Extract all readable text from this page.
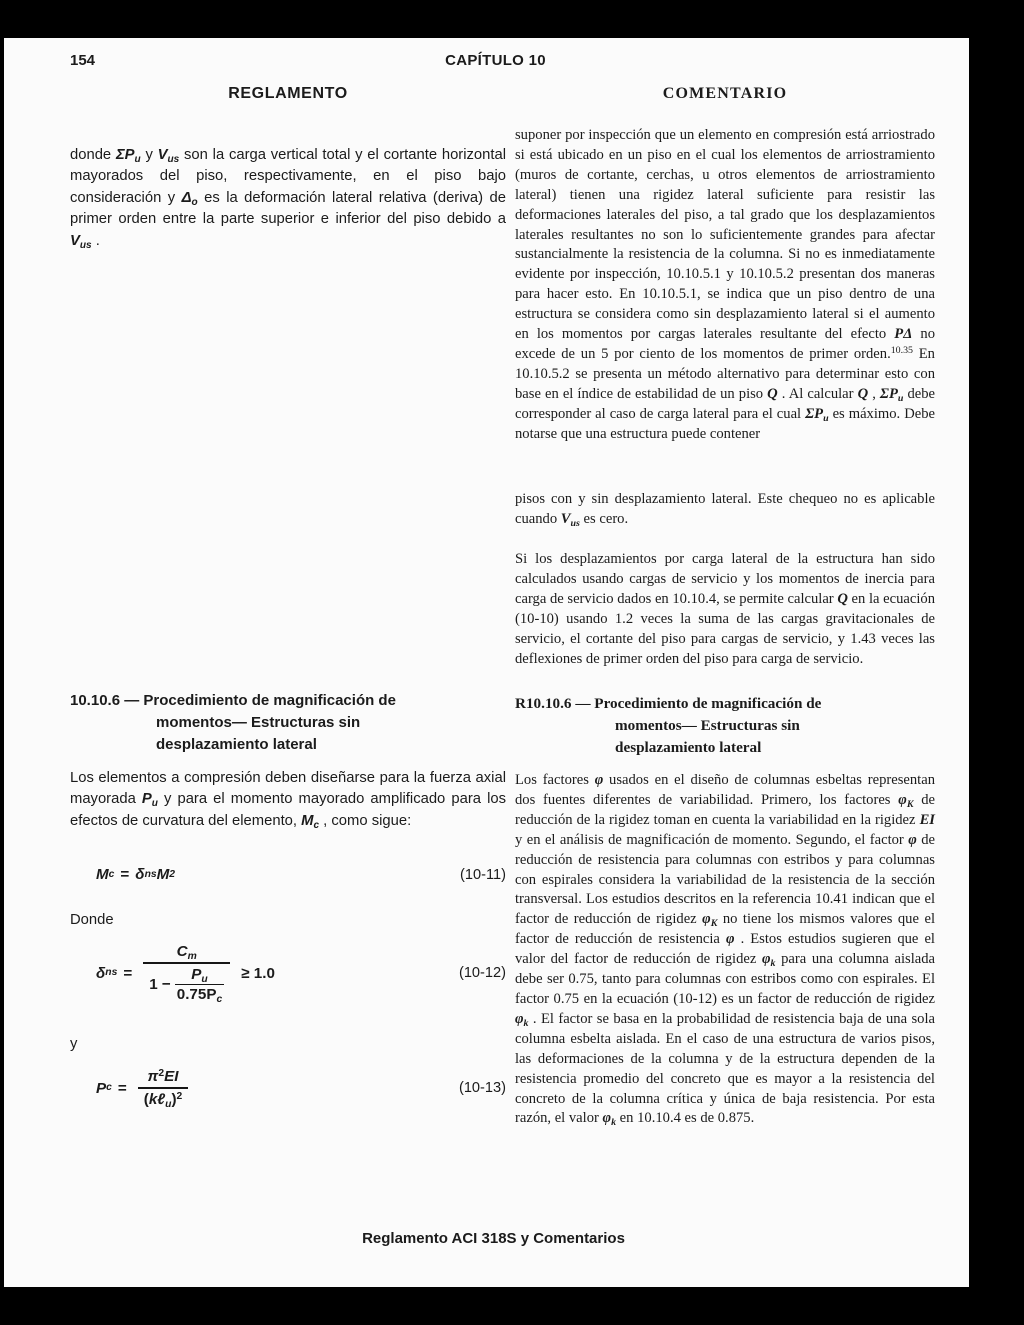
154	CAPÍTULO 10
REGLAMENTO	COMENTARIO
donde $\Sigma P_u$ y $V_{us}$ son la carga vertical total y el cortante horizontal mayorados del piso, respectivamente, en el piso bajo consideración y $\Delta_o$ es la deformación lateral relativa (deriva) de primer orden entre la parte superior e inferior del piso debido a $V_{us}$ .
10.10.6 — Procedimiento de magnificación de
momentos— Estructuras sin
desplazamiento lateral
Los elementos a compresión deben diseñarse para la fuerza axial mayorada $P_u$ y para el momento mayorado amplificado para los efectos de curvatura del elemento, $M_c$ , como sigue:
M c = δ ns M 2	(10-11)
Donde
δ ns = $\frac{C_m}{1 - \frac{P_u}{0.75P_c}} \ge 1.0$	(10-12)
y
P $c = \frac{\pi^2EI}{(k\ell_u)^2}$	(10-13)
suponer por inspección que un elemento en compresión está arriostrado si está ubicado en un piso en el cual los elementos de arriostramiento (muros de cortante, cerchas, u otros elementos de arriostramiento lateral) tienen una rigidez lateral suficiente para resistir las deformaciones laterales del piso, a tal grado que los desplazamientos laterales resultantes no son lo suficientemente grandes para afectar sustancialmente la resistencia de la columna. Si no es inmediatamente evidente por inspección, 10.10.5.1 y 10.10.5.2 presentan dos maneras para hacer esto. En 10.10.5.1, se indica que un piso dentro de una estructura se considera como sin desplazamiento lateral si el aumento en los momentos por cargas laterales resultante del efecto PΔ no excede de un 5 por ciento de los momentos de primer orden.$^{10.35}$ En 10.10.5.2 se presenta un método alternativo para determinar esto con base en el índice de estabilidad de un piso Q . Al calcular Q , $\Sigma P_u$ debe corresponder al caso de carga lateral para el cual $\Sigma P_u$ es máximo. Debe notarse que una estructura puede contener
pisos con y sin desplazamiento lateral. Este chequeo no es aplicable cuando $V_{us}$ es cero.
Si los desplazamientos por carga lateral de la estructura han sido calculados usando cargas de servicio y los momentos de inercia para carga de servicio dados en 10.10.4, se permite calcular Q en la ecuación (10-10) usando 1.2 veces la suma de las cargas gravitacionales de servicio, el cortante del piso para cargas de servicio, y 1.43 veces las deflexiones de primer orden del piso para carga de servicio.
R10.10.6 — Procedimiento de magnificación de
momentos— Estructuras sin
desplazamiento lateral
Los factores φ usados en el diseño de columnas esbeltas representan dos fuentes diferentes de variabilidad. Primero, los factores $\varphi_K$ de reducción de la rigidez toman en cuenta la variabilidad en la rigidez EI y en el análisis de magnificación de momento. Segundo, el factor φ de reducción de resistencia para columnas con estribos y para columnas con espirales considera la variabilidad de la resistencia de la sección transversal. Los estudios descritos en la referencia 10.41 indican que el factor de reducción de rigidez $\varphi_K$ no tiene los mismos valores que el factor de reducción de resistencia φ . Estos estudios sugieren que el valor del factor de reducción de rigidez $\varphi_k$ para una columna aislada debe ser 0.75, tanto para columnas con estribos como con espirales. El factor 0.75 en la ecuación (10-12) es un factor de reducción de rigidez $\varphi_k$ . El factor se basa en la probabilidad de resistencia baja de una sola columna esbelta aislada. En el caso de una estructura de varios pisos, las deformaciones de la columna y de la estructura dependen de la resistencia promedio del concreto que es mayor a la resistencia del concreto de la columna crítica y única de baja resistencia. Por esta razón, el valor $\varphi_k$ en 10.10.4 es de 0.875.
Reglamento ACI 318S y Comentarios
